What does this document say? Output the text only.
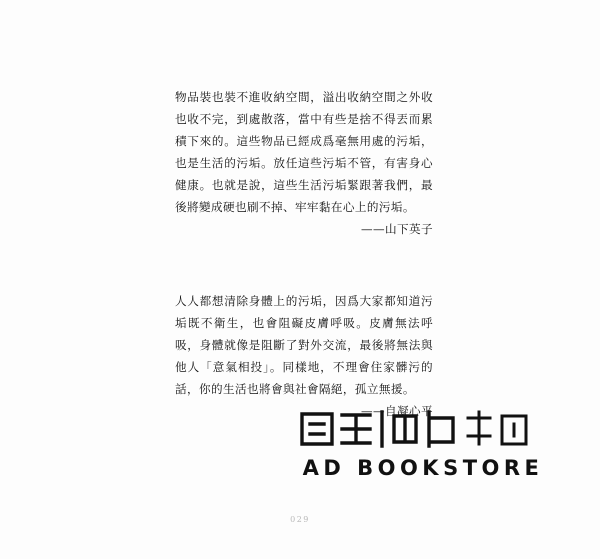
物品裝也裝不進收納空間，溢出收納空間之外收也收不完，到處散落，當中有些是捨不得丟而累積下來的。這些物品已經成爲毫無用處的污垢，也是生活的污垢。放任這些污垢不管，有害身心健康。也就是說，這些生活污垢緊跟著我們，最後將變成硬也刷不掉、牢牢黏在心上的污垢。

——山下英子

人人都想清除身體上的污垢，因爲大家都知道污垢既不衛生，也會阻礙皮膚呼吸。皮膚無法呼吸，身體就像是阻斷了對外交流，最後將無法與他人「意氣相投」。同樣地，不理會住家髒污的話，你的生活也將會與社會隔絕，孤立無援。

——自凝心平

AD BOOKSTORE
029
